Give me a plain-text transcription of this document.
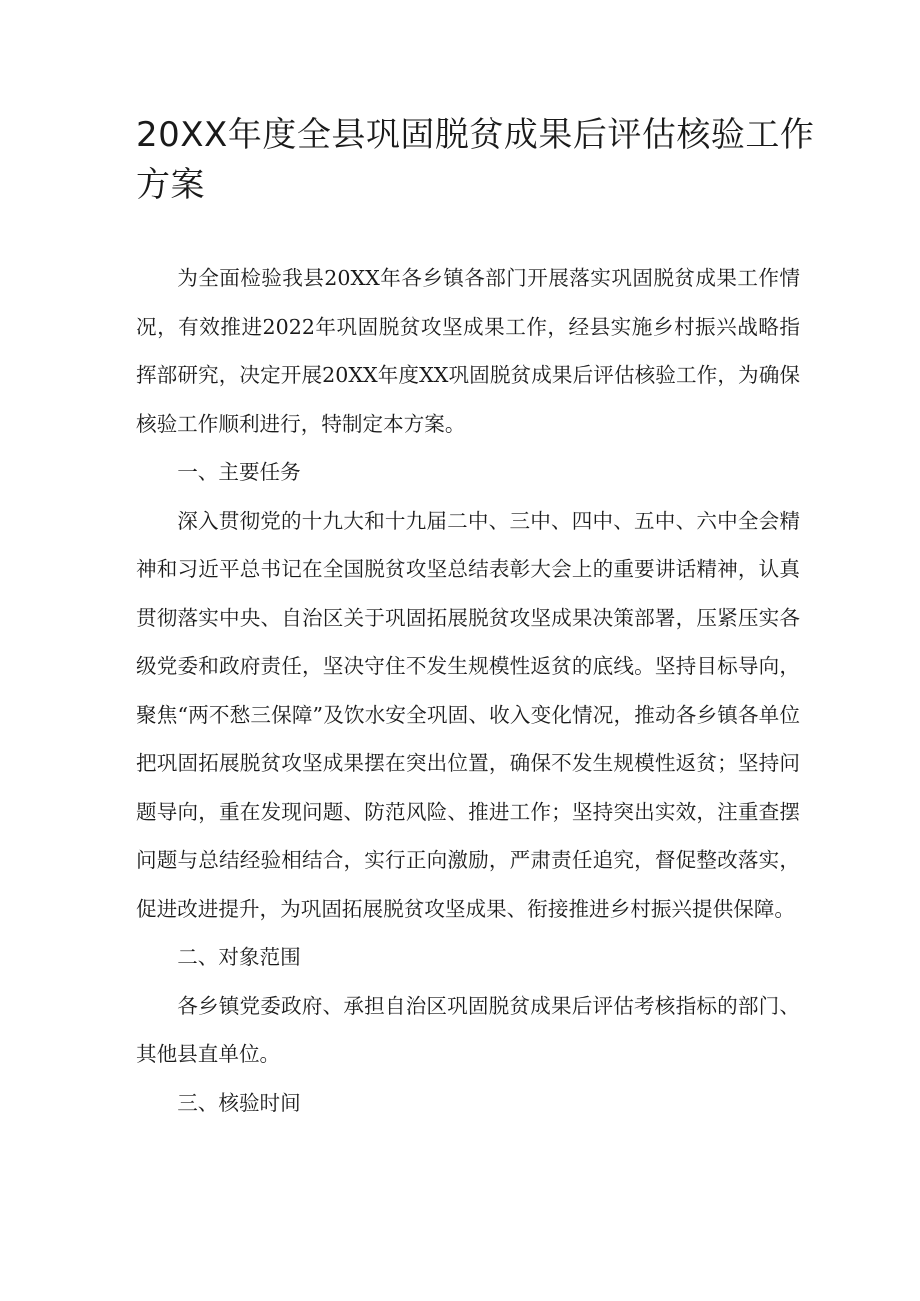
20XX年度全县巩固脱贫成果后评估核验工作方案

为全面检验我县20XX年各乡镇各部门开展落实巩固脱贫成果工作情况，有效推进2022年巩固脱贫攻坚成果工作，经县实施乡村振兴战略指挥部研究，决定开展20XX年度XX巩固脱贫成果后评估核验工作，为确保核验工作顺利进行，特制定本方案。

一、主要任务

深入贯彻党的十九大和十九届二中、三中、四中、五中、六中全会精神和习近平总书记在全国脱贫攻坚总结表彰大会上的重要讲话精神，认真贯彻落实中央、自治区关于巩固拓展脱贫攻坚成果决策部署，压紧压实各级党委和政府责任，坚决守住不发生规模性返贫的底线。坚持目标导向，聚焦“两不愁三保障”及饮水安全巩固、收入变化情况，推动各乡镇各单位把巩固拓展脱贫攻坚成果摆在突出位置，确保不发生规模性返贫；坚持问题导向，重在发现问题、防范风险、推进工作；坚持突出实效，注重查摆问题与总结经验相结合，实行正向激励，严肃责任追究，督促整改落实，促进改进提升，为巩固拓展脱贫攻坚成果、衔接推进乡村振兴提供保障。

二、对象范围

各乡镇党委政府、承担自治区巩固脱贫成果后评估考核指标的部门、其他县直单位。

三、核验时间
